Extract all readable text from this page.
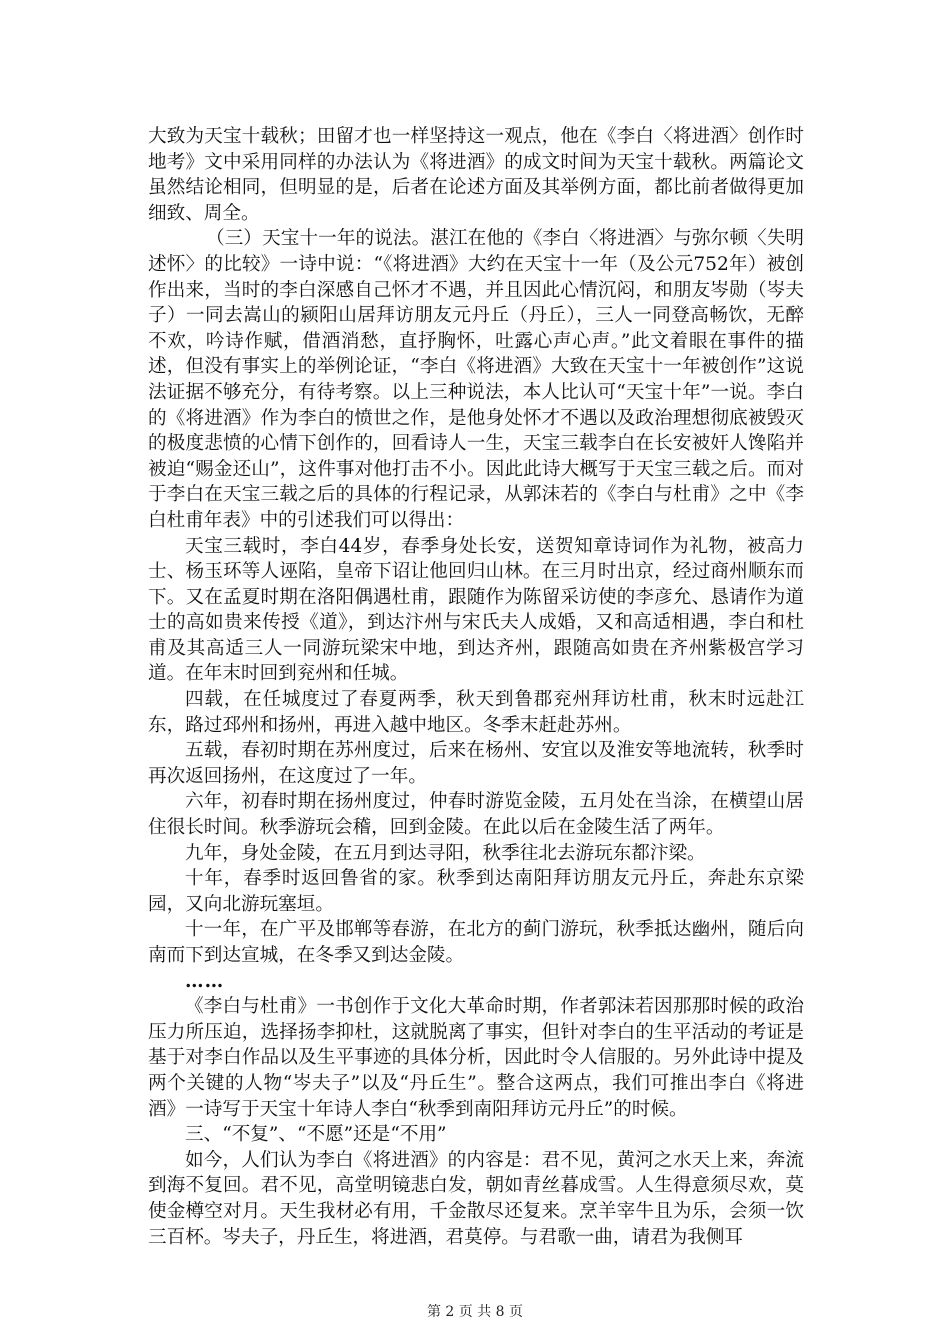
大致为天宝十载秋；田留才也一样坚持这一观点，他在《李白〈将进酒〉创作时地考》文中采用同样的办法认为《将进酒》的成文时间为天宝十载秋。两篇论文虽然结论相同，但明显的是，后者在论述方面及其举例方面，都比前者做得更加细致、周全。

（三）天宝十一年的说法。湛江在他的《李白〈将进酒〉与弥尔顿〈失明述怀〉的比较》一诗中说：“《将进酒》大约在天宝十一年（及公元752年）被创作出来，当时的李白深感自己怀才不遇，并且因此心情沉闷，和朋友岑勋（岑夫子）一同去嵩山的颍阳山居拜访朋友元丹丘（丹丘），三人一同登高畅饮，无醉不欢，吟诗作赋，借酒消愁，直抒胸怀，吐露心声心声。”此文着眼在事件的描述，但没有事实上的举例论证，“李白《将进酒》大致在天宝十一年被创作”这说法证据不够充分，有待考察。以上三种说法，本人比认可“天宝十年”一说。李白的《将进酒》作为李白的愤世之作，是他身处怀才不遇以及政治理想彻底被毁灭的极度悲愤的心情下创作的，回看诗人一生，天宝三载李白在长安被奸人馋陷并被迫“赐金还山”，这件事对他打击不小。因此此诗大概写于天宝三载之后。而对于李白在天宝三载之后的具体的行程记录，从郭沫若的《李白与杜甫》之中《李白杜甫年表》中的引述我们可以得出：

天宝三载时，李白44岁，春季身处长安，送贺知章诗词作为礼物，被高力士、杨玉环等人诬陷，皇帝下诏让他回归山林。在三月时出京，经过商州顺东而下。又在孟夏时期在洛阳偶遇杜甫，跟随作为陈留采访使的李彦允、恳请作为道士的高如贵来传授《道》，到达汴州与宋氏夫人成婚，又和高适相遇，李白和杜甫及其高适三人一同游玩梁宋中地，到达齐州，跟随高如贵在齐州紫极宫学习道。在年末时回到兖州和任城。

四载，在任城度过了春夏两季，秋天到鲁郡兖州拜访杜甫，秋末时远赴江东，路过邳州和扬州，再进入越中地区。冬季末赶赴苏州。

五载，春初时期在苏州度过，后来在杨州、安宜以及淮安等地流转，秋季时再次返回扬州，在这度过了一年。

六年，初春时期在扬州度过，仲春时游览金陵，五月处在当涂，在横望山居住很长时间。秋季游玩会稽，回到金陵。在此以后在金陵生活了两年。

九年，身处金陵，在五月到达寻阳，秋季往北去游玩东都汴梁。

十年，春季时返回鲁省的家。秋季到达南阳拜访朋友元丹丘，奔赴东京梁园，又向北游玩塞垣。

十一年，在广平及邯郸等春游，在北方的蓟门游玩，秋季抵达幽州，随后向南而下到达宣城，在冬季又到达金陵。

……

《李白与杜甫》一书创作于文化大革命时期，作者郭沫若因那那时候的政治压力所压迫，选择扬李抑杜，这就脱离了事实，但针对李白的生平活动的考证是基于对李白作品以及生平事迹的具体分析，因此时令人信服的。另外此诗中提及两个关键的人物“岑夫子”以及“丹丘生”。整合这两点，我们可推出李白《将进酒》一诗写于天宝十年诗人李白“秋季到南阳拜访元丹丘”的时候。

三、“不复”、“不愿”还是“不用”

如今，人们认为李白《将进酒》的内容是：君不见，黄河之水天上来，奔流到海不复回。君不见，高堂明镜悲白发，朝如青丝暮成雪。人生得意须尽欢，莫使金樽空对月。天生我材必有用，千金散尽还复来。烹羊宰牛且为乐，会须一饮三百杯。岑夫子，丹丘生，将进酒，君莫停。与君歌一曲，请君为我侧耳

第 2 页 共 8 页
